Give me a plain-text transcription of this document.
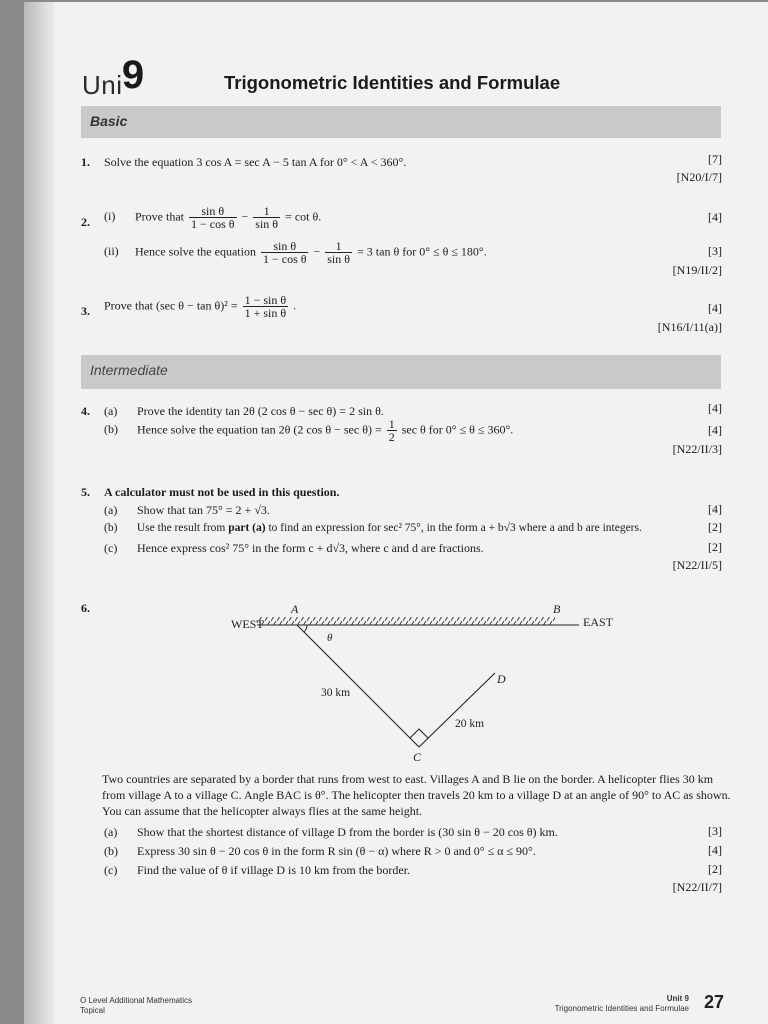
Uni 9	Trigonometric Identities and Formulae
Basic
1. Solve the equation 3 cos A = sec A − 5 tan A for 0° < A < 360°.	[7]
[N20/I/7]
2. (i) Prove that $\frac{\text{sin θ}}{\text{1 − cos θ}} - \frac{1}{\text{sin θ}} = \cot \theta$.	[4]
(ii) Hence solve the equation $\frac{\text{sin θ}}{\text{1 − cos θ}} - \frac{1}{\text{sin θ}} = 3$ tan θ for 0° ≤ θ ≤ 180°.	[3]
[N19/II/2]
3. Prove that (sec $\theta - \tan \theta)^2 = \frac{\text{1 − sin θ}}{\text{1 + sin θ}}$ .	[4]
[N16/I/11(a)]
Intermediate
4. (a) Prove the identity tan 2θ (2 cos θ − sec θ) = 2 sin θ.	[4]
(b) Hence solve the equation tan 2θ (2 $\cos \theta - \sec \theta) = \frac{1}{2}$ sec θ for 0° ≤ θ ≤ 360°.	[4]
[N22/II/3]
5. A calculator must not be used in this question.
(a) Show that tan 75° = 2 + √3.	[4]
(b) Use the result from part (a) to find an expression for sec² 75°, in the form a + b√3 where a and b are integers.	[2]
(c) Hence express cos² 75° in the form c + d√3, where c and d are fractions.	[2]
[N22/II/5]
6.
WEST	EAST
A	B
C
D
θ
30 km
20 km
Two countries are separated by a border that runs from west to east. Villages A and B lie on the border. A helicopter flies 30 km from village A to a village C. Angle BAC is θ°. The helicopter then travels 20 km to a village D at an angle of 90° to AC as shown. You can assume that the helicopter always flies at the same height.
(a) Show that the shortest distance of village D from the border is (30 sin θ − 20 cos θ) km.	[3]
(b) Express 30 sin θ − 20 cos θ in the form R sin (θ − α) where R > 0 and 0° ≤ α ≤ 90°.	[4]
(c) Find the value of θ if village D is 10 km from the border.	[2]
[N22/II/7]
O Level Additional Mathematics
Topical
Unit 9
Trigonometric Identities and Formulae 27
